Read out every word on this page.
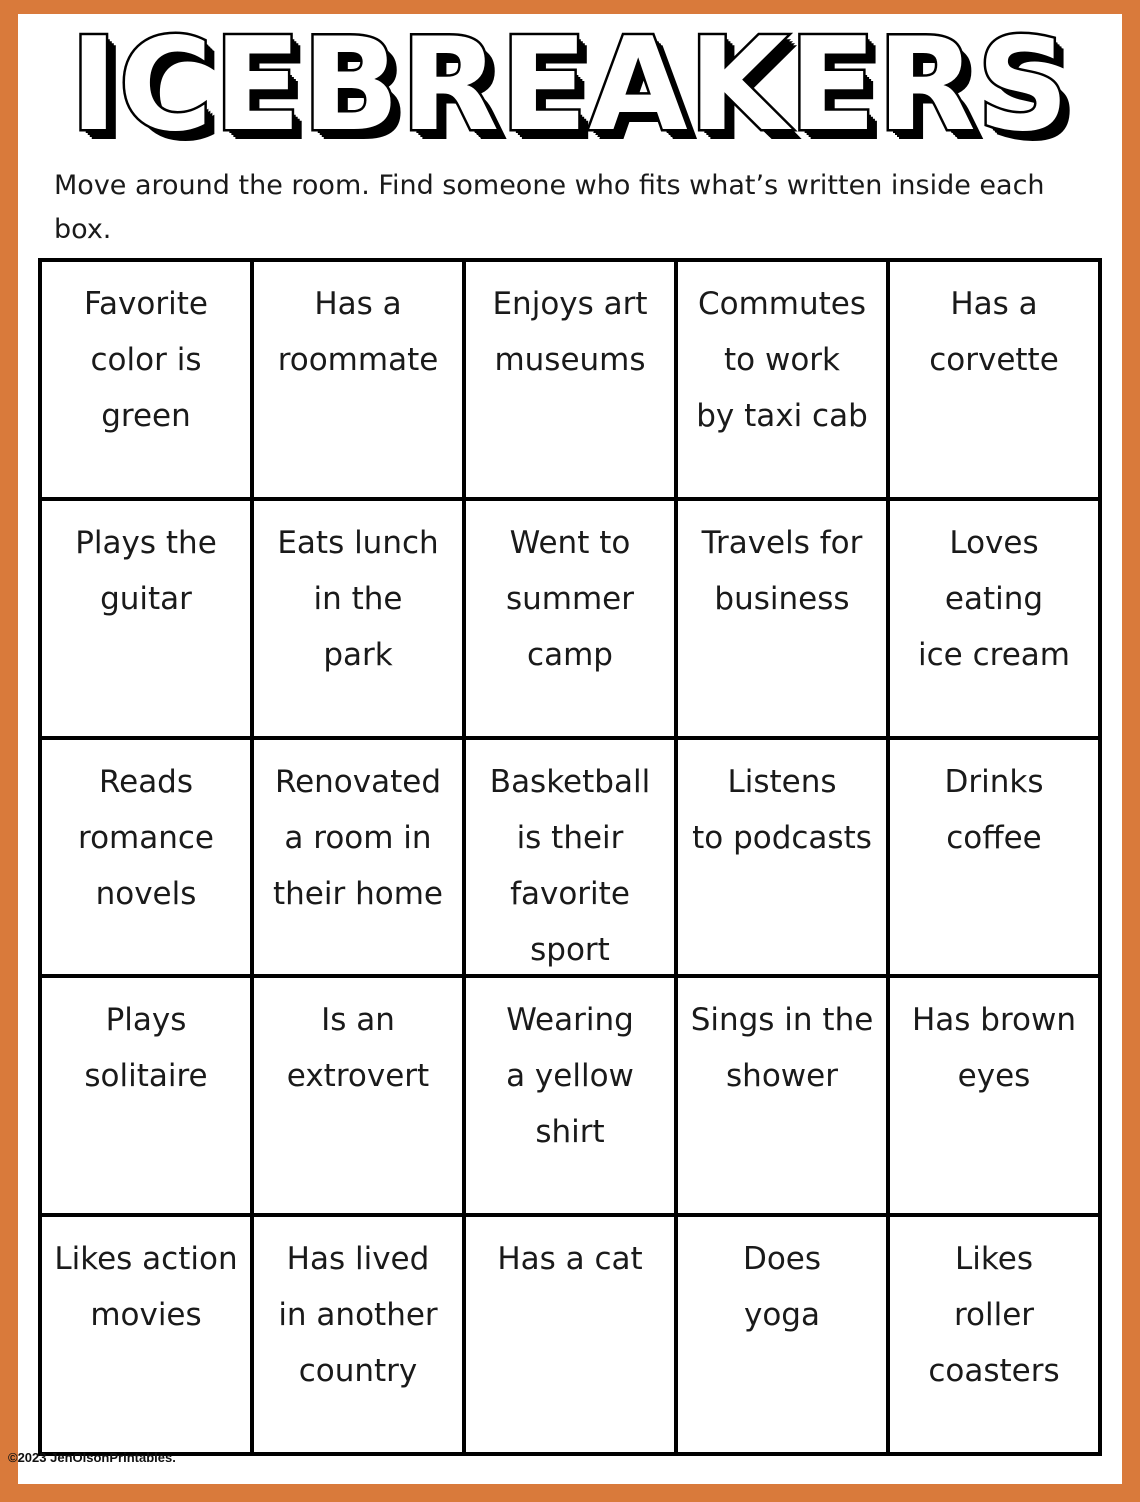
ICEBREAKERS

Move around the room. Find someone who fits what’s written inside each box.

Favorite
color is
green
Has a
roommate
Enjoys art
museums
Commutes
to work
by taxi cab
Has a
corvette
Plays the
guitar
Eats lunch
in the
park
Went to
summer
camp
Travels for
business
Loves
eating
ice cream
Reads
romance
novels
Renovated
a room in
their home
Basketball
is their
favorite
sport
Listens
to podcasts
Drinks
coffee
Plays
solitaire
Is an
extrovert
Wearing
a yellow
shirt
Sings in the
shower
Has brown
eyes
Likes action
movies
Has lived
in another
country
Has a cat	Does
yoga
Likes
roller
coasters
©2023 JenOlsonPrintables.
